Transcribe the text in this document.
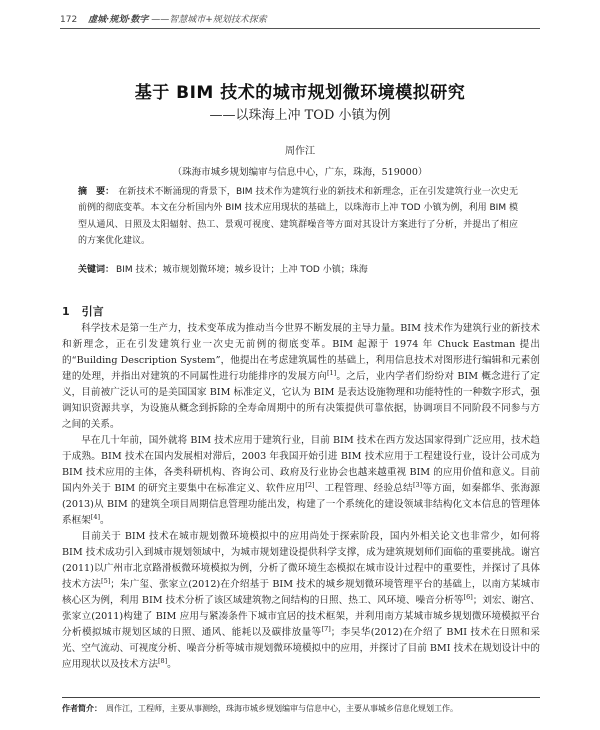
172 虚城·规划·数字 ——智慧城市+规划技术探索
基于 BIM 技术的城市规划微环境模拟研究
——以珠海上冲 TOD 小镇为例
周作江
（珠海市城乡规划编审与信息中心，广东，珠海，519000）
摘　要： 在新技术不断涌现的背景下，BIM 技术作为建筑行业的新技术和新理念，正在引发建筑行业一次史无前例的彻底变革。本文在分析国内外 BIM 技术应用现状的基础上，以珠海市上冲 TOD 小镇为例，利用 BIM 模型从通风、日照及太阳辐射、热工、景观可视度、建筑群噪音等方面对其设计方案进行了分析，并提出了相应的方案优化建议。
关键词： BIM 技术；城市规划微环境；城乡设计；上冲 TOD 小镇；珠海
1 引言

科学技术是第一生产力，技术变革成为推动当今世界不断发展的主导力量。BIM 技术作为建筑行业的新技术和新理念，正在引发建筑行业一次史无前例的彻底变革。BIM 起源于 1974 年 Chuck Eastman 提出的“Building Description System”，他提出在考虑建筑属性的基础上，利用信息技术对图形进行编辑和元素创建的处理，并指出对建筑的不同属性进行功能排序的发展方向[1]。之后，业内学者们纷纷对 BIM 概念进行了定义，目前被广泛认可的是美国国家 BIM 标准定义，它认为 BIM 是表达设施物理和功能特性的一种数字形式，强调知识资源共享，为设施从概念到拆除的全寿命周期中的所有决策提供可靠依据，协调项目不同阶段不同参与方之间的关系。

早在几十年前，国外就将 BIM 技术应用于建筑行业，目前 BIM 技术在西方发达国家得到广泛应用，技术趋于成熟。BIM 技术在国内发展相对滞后，2003 年我国开始引进 BIM 技术应用于工程建设行业，设计公司成为 BIM 技术应用的主体，各类科研机构、咨询公司、政府及行业协会也越来越重视 BIM 的应用价值和意义。目前国内外关于 BIM 的研究主要集中在标准定义、软件应用[2]、工程管理、经验总结[3]等方面，如秦都华、张海源(2013)从 BIM 的建筑全项目周期信息管理功能出发，构建了一个系统化的建设领域非结构化文本信息的管理体系框架[4]。

目前关于 BIM 技术在城市规划微环境模拟中的应用尚处于探索阶段，国内外相关论文也非常少，如何将 BIM 技术成功引入到城市规划领域中，为城市规划建设提供科学支撑，成为建筑规划师们面临的重要挑战。谢宫(2011)以广州市北京路滑板微环境模拟为例，分析了微环境生态模拟在城市设计过程中的重要性，并探讨了具体技术方法[5]；朱广玺、张家立(2012)在介绍基于 BIM 技术的城乡规划微环境管理平台的基础上，以南方某城市核心区为例，利用 BIM 技术分析了该区域建筑物之间结构的日照、热工、风环境、噪音分析等[6]；刘宏、谢宫、张家立(2011)构建了 BIM 应用与紧凑条件下城市宜居的技术框架，并利用南方某城市城乡规划微环境模拟平台分析模拟城市规划区域的日照、通风、能耗以及碳排放量等[7]；李吴华(2012)在介绍了 BMI 技术在日照和采光、空气流动、可视度分析、噪音分析等城市规划微环境模拟中的应用，并探讨了目前 BMI 技术在规划设计中的应用现状以及技术方法[8]。

作者简介： 周作江，工程师，主要从事测绘，珠海市城乡规划编审与信息中心，主要从事城乡信息化规划工作。
